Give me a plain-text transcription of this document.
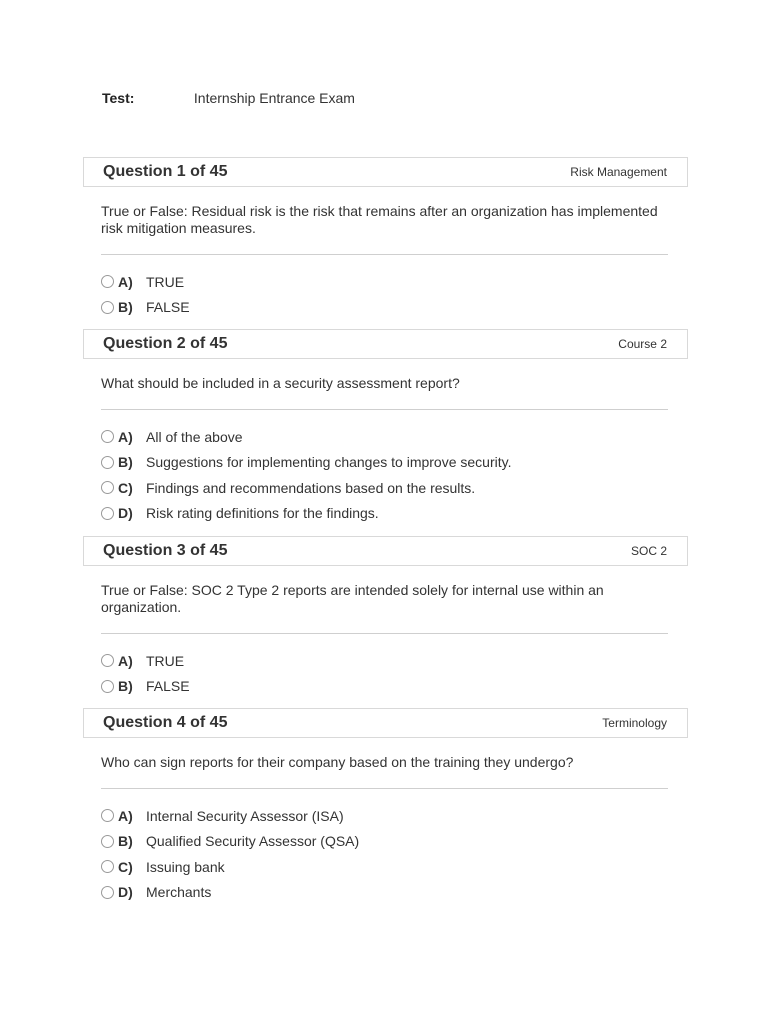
Test:	Internship Entrance Exam
Question 1 of 45	Risk Management
True or False: Residual risk is the risk that remains after an organization has implemented risk mitigation measures.
A) TRUE
B) FALSE
Question 2 of 45	Course 2
What should be included in a security assessment report?
A) All of the above
B) Suggestions for implementing changes to improve security.
C) Findings and recommendations based on the results.
D) Risk rating definitions for the findings.
Question 3 of 45	SOC 2
True or False: SOC 2 Type 2 reports are intended solely for internal use within an organization.
A) TRUE
B) FALSE
Question 4 of 45	Terminology
Who can sign reports for their company based on the training they undergo?
A) Internal Security Assessor (ISA)
B) Qualified Security Assessor (QSA)
C) Issuing bank
D) Merchants
